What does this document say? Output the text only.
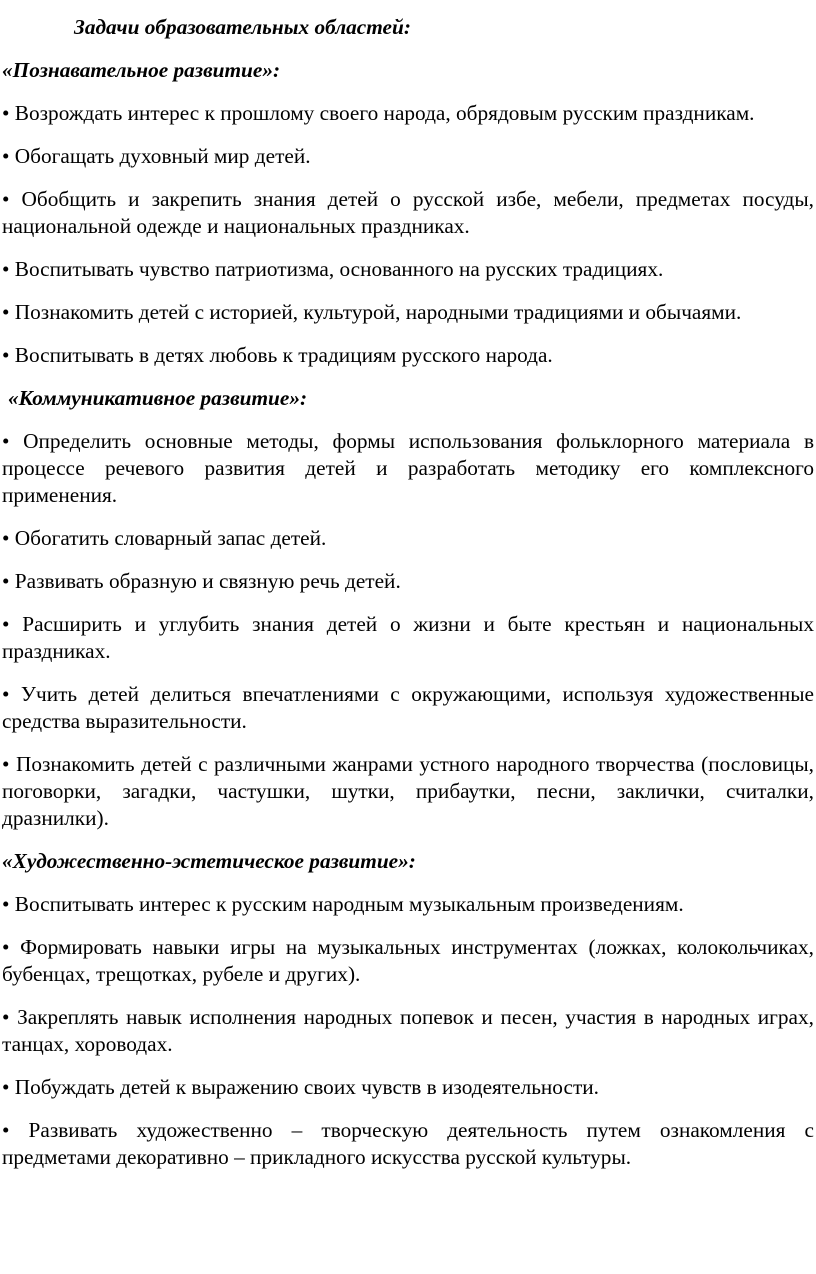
Задачи образовательных областей:

«Познавательное развитие»:

• Возрождать интерес к прошлому своего народа, обрядовым русским праздникам.

• Обогащать духовный мир детей.

• Обобщить и закрепить знания детей о русской избе, мебели, предметах посуды, национальной одежде и национальных праздниках.

• Воспитывать чувство патриотизма, основанного на русских традициях.

• Познакомить детей с историей, культурой, народными традициями и обычаями.

• Воспитывать в детях любовь к традициям русского народа.

«Коммуникативное развитие»:

• Определить основные методы, формы использования фольклорного материала в процессе речевого развития детей и разработать методику его комплексного применения.

• Обогатить словарный запас детей.

• Развивать образную и связную речь детей.

• Расширить и углубить знания детей о жизни и быте крестьян и национальных праздниках.

• Учить детей делиться впечатлениями с окружающими, используя художественные средства выразительности.

• Познакомить детей с различными жанрами устного народного творчества (пословицы, поговорки, загадки, частушки, шутки, прибаутки, песни, заклички, считалки, дразнилки).

«Художественно-эстетическое развитие»:

• Воспитывать интерес к русским народным музыкальным произведениям.

• Формировать навыки игры на музыкальных инструментах (ложках, колокольчиках, бубенцах, трещотках, рубеле и других).

• Закреплять навык исполнения народных попевок и песен, участия в народных играх, танцах, хороводах.

• Побуждать детей к выражению своих чувств в изодеятельности.

• Развивать художественно – творческую деятельность путем ознакомления с предметами декоративно – прикладного искусства русской культуры.
